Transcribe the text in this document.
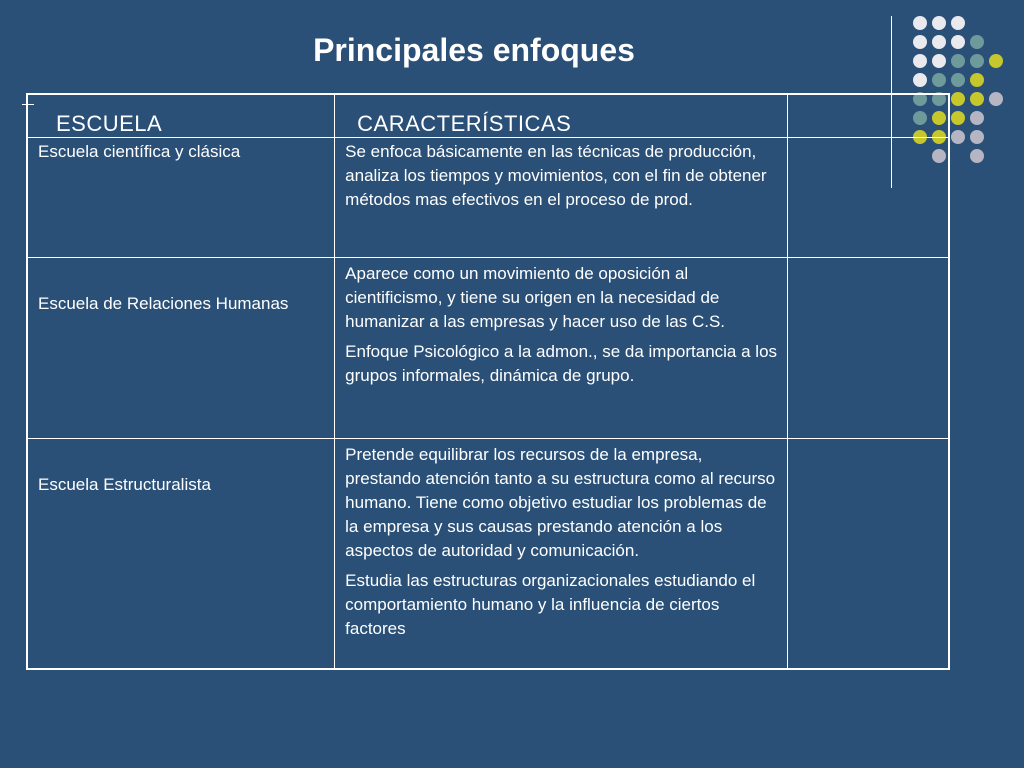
Principales enfoques
ESCUELA	CARACTERÍSTICAS	

Escuela científica y clásica	Se enfoca básicamente en las técnicas de producción, analiza los tiempos y movimientos, con el fin de obtener métodos mas efectivos en el proceso de prod.	

Escuela de Relaciones Humanas	Aparece como un movimiento de oposición al cientificismo, y tiene su origen en la necesidad de humanizar a las empresas y hacer uso de las C.S.

Enfoque Psicológico a la admon., se da importancia a los grupos informales, dinámica de grupo.	

Escuela Estructuralista	Pretende equilibrar los recursos de la empresa, prestando atención tanto a su estructura como al recurso humano. Tiene como objetivo estudiar los problemas de la empresa y sus causas prestando atención a los aspectos de autoridad y comunicación.

Estudia las estructuras organizacionales estudiando el comportamiento humano y la influencia de ciertos factores	
